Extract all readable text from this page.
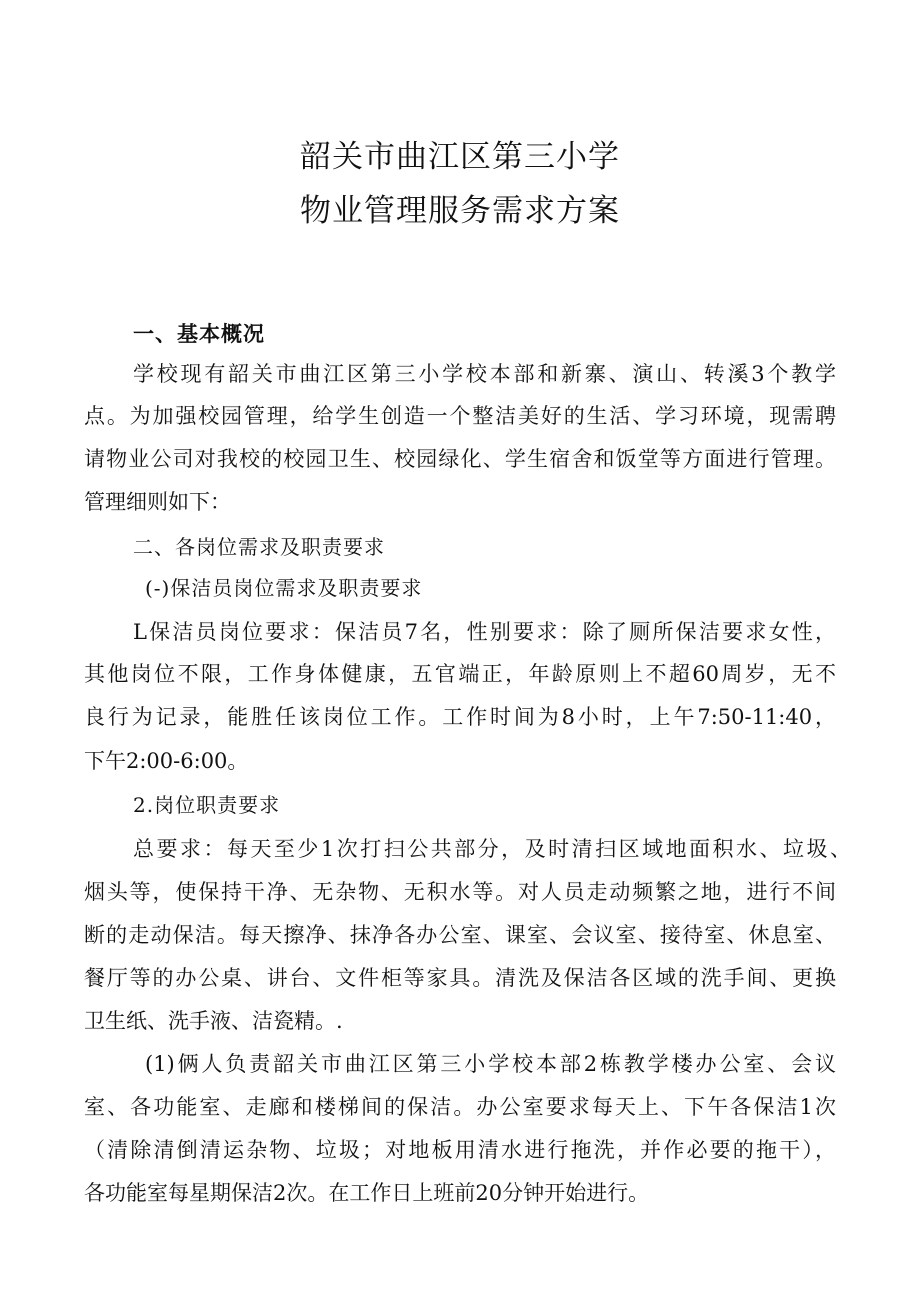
韶关市曲江区第三小学
物业管理服务需求方案
一、基本概况
学校现有韶关市曲江区第三小学校本部和新寨、演山、转溪3个教学
点。为加强校园管理，给学生创造一个整洁美好的生活、学习环境，现需聘
请物业公司对我校的校园卫生、校园绿化、学生宿舍和饭堂等方面进行管理。
管理细则如下：
二、各岗位需求及职责要求
(-)保洁员岗位需求及职责要求
L保洁员岗位要求：保洁员7名，性别要求：除了厕所保洁要求女性，
其他岗位不限，工作身体健康，五官端正，年龄原则上不超60周岁，无不
良行为记录，能胜任该岗位工作。工作时间为8小时，上午7:50-11:40，
下午2:00-6:00。
2.岗位职责要求
总要求：每天至少1次打扫公共部分，及时清扫区域地面积水、垃圾、
烟头等，使保持干净、无杂物、无积水等。对人员走动频繁之地，进行不间
断的走动保洁。每天擦净、抹净各办公室、课室、会议室、接待室、休息室、
餐厅等的办公桌、讲台、文件柜等家具。清洗及保洁各区域的洗手间、更换
卫生纸、洗手液、洁瓷精。.
(1)俩人负责韶关市曲江区第三小学校本部2栋教学楼办公室、会议
室、各功能室、走廊和楼梯间的保洁。办公室要求每天上、下午各保洁1次
（清除清倒清运杂物、垃圾；对地板用清水进行拖洗，并作必要的拖干），
各功能室每星期保洁2次。在工作日上班前20分钟开始进行。
